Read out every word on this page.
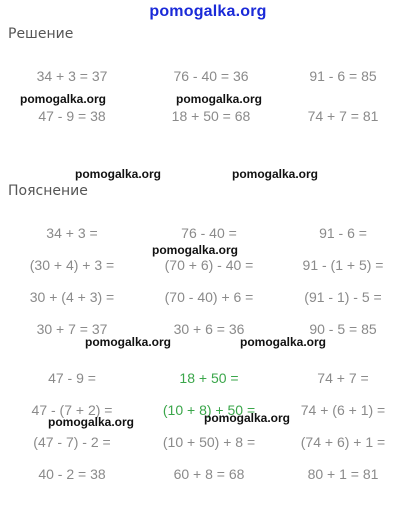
pomogalka.org
Решение
34 + 3 = 37	76 - 40 = 36	91 - 6 = 85
47 - 9 = 38	18 + 50 = 68	74 + 7 = 81
Пояснение
34 + 3 =	76 - 40 =	91 - 6 =
(30 + 4) + 3 =	(70 + 6) - 40 =	91 - (1 + 5) =
30 + (4 + 3) =	(70 - 40) + 6 =	(91 - 1) - 5 =
30 + 7 = 37	30 + 6 = 36	90 - 5 = 85
47 - 9 =	18 + 50 =	74 + 7 =
47 - (7 + 2) =	(10 + 8) + 50 =	74 + (6 + 1) =
(47 - 7) - 2 =	(10 + 50) + 8 =	(74 + 6) + 1 =
40 - 2 = 38	60 + 8 = 68	80 + 1 = 81
pomogalka.org	pomogalka.org
pomogalka.org	pomogalka.org
pomogalka.org
pomogalka.org	pomogalka.org
pomogalka.org	pomogalka.org
